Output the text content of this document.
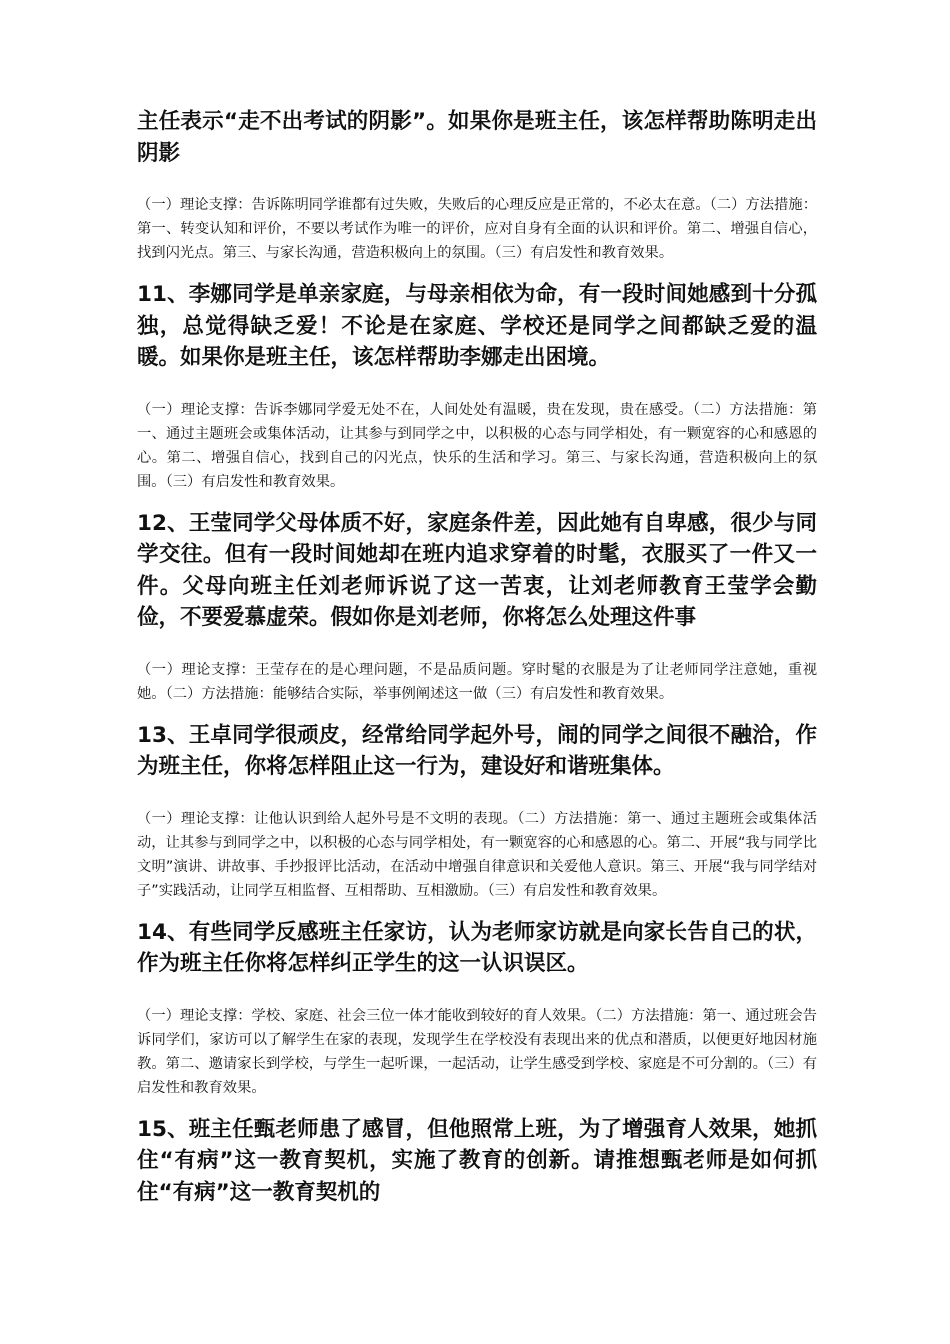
主任表示“走不出考试的阴影”。如果你是班主任，该怎样帮助陈明走出阴影

（一）理论支撑：告诉陈明同学谁都有过失败，失败后的心理反应是正常的，不必太在意。（二）方法措施：第一、转变认知和评价，不要以考试作为唯一的评价，应对自身有全面的认识和评价。第二、增强自信心，找到闪光点。第三、与家长沟通，营造积极向上的氛围。（三）有启发性和教育效果。

11、李娜同学是单亲家庭，与母亲相依为命，有一段时间她感到十分孤独，总觉得缺乏爱！不论是在家庭、学校还是同学之间都缺乏爱的温暖。如果你是班主任，该怎样帮助李娜走出困境。

（一）理论支撑：告诉李娜同学爱无处不在，人间处处有温暖，贵在发现，贵在感受。（二）方法措施：第一、通过主题班会或集体活动，让其参与到同学之中，以积极的心态与同学相处，有一颗宽容的心和感恩的心。第二、增强自信心，找到自己的闪光点，快乐的生活和学习。第三、与家长沟通，营造积极向上的氛围。（三）有启发性和教育效果。

12、王莹同学父母体质不好，家庭条件差，因此她有自卑感，很少与同学交往。但有一段时间她却在班内追求穿着的时髦，衣服买了一件又一件。父母向班主任刘老师诉说了这一苦衷，让刘老师教育王莹学会勤俭，不要爱慕虚荣。假如你是刘老师，你将怎么处理这件事

（一）理论支撑：王莹存在的是心理问题，不是品质问题。穿时髦的衣服是为了让老师同学注意她，重视她。（二）方法措施：能够结合实际，举事例阐述这一做（三）有启发性和教育效果。

13、王卓同学很顽皮，经常给同学起外号，闹的同学之间很不融洽，作为班主任，你将怎样阻止这一行为，建设好和谐班集体。

（一）理论支撑：让他认识到给人起外号是不文明的表现。（二）方法措施：第一、通过主题班会或集体活动，让其参与到同学之中，以积极的心态与同学相处，有一颗宽容的心和感恩的心。第二、开展“我与同学比文明”演讲、讲故事、手抄报评比活动，在活动中增强自律意识和关爱他人意识。第三、开展“我与同学结对子”实践活动，让同学互相监督、互相帮助、互相激励。（三）有启发性和教育效果。

14、有些同学反感班主任家访，认为老师家访就是向家长告自己的状，作为班主任你将怎样纠正学生的这一认识误区。

（一）理论支撑：学校、家庭、社会三位一体才能收到较好的育人效果。（二）方法措施：第一、通过班会告诉同学们，家访可以了解学生在家的表现，发现学生在学校没有表现出来的优点和潜质，以便更好地因材施教。第二、邀请家长到学校，与学生一起听课，一起活动，让学生感受到学校、家庭是不可分割的。（三）有启发性和教育效果。

15、班主任甄老师患了感冒，但他照常上班，为了增强育人效果，她抓住“有病”这一教育契机，实施了教育的创新。请推想甄老师是如何抓住“有病”这一教育契机的
